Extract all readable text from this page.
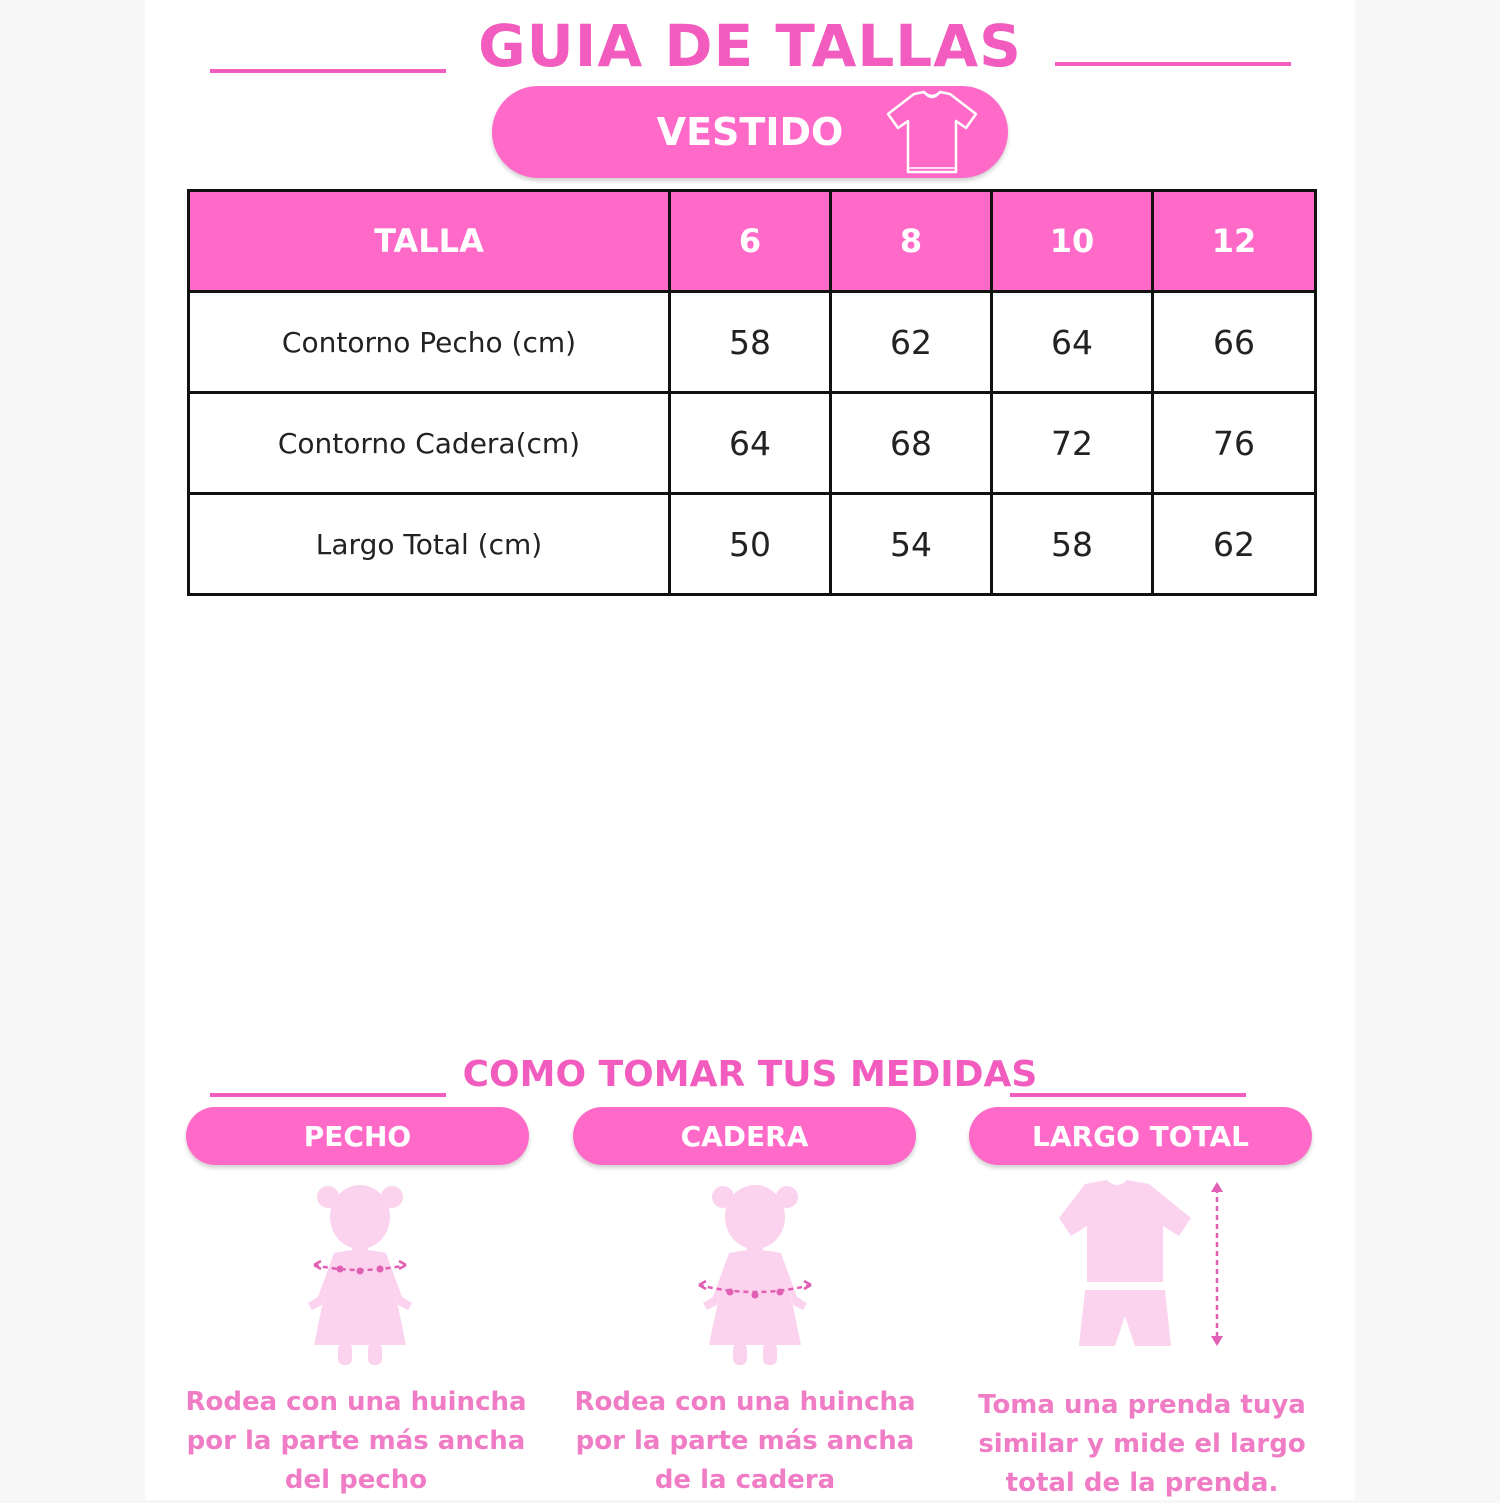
GUIA DE TALLAS
VESTIDO
TALLA	6	8	10	12
Contorno Pecho (cm)	58	62	64	66
Contorno Cadera(cm)	64	68	72	76
Largo Total (cm)	50	54	58	62
COMO TOMAR TUS MEDIDAS
PECHO	CADERA	LARGO TOTAL
Rodea con una huincha
por la parte más ancha
del pecho
Rodea con una huincha
por la parte más ancha
de la cadera
Toma una prenda tuya
similar y mide el largo
total de la prenda.
